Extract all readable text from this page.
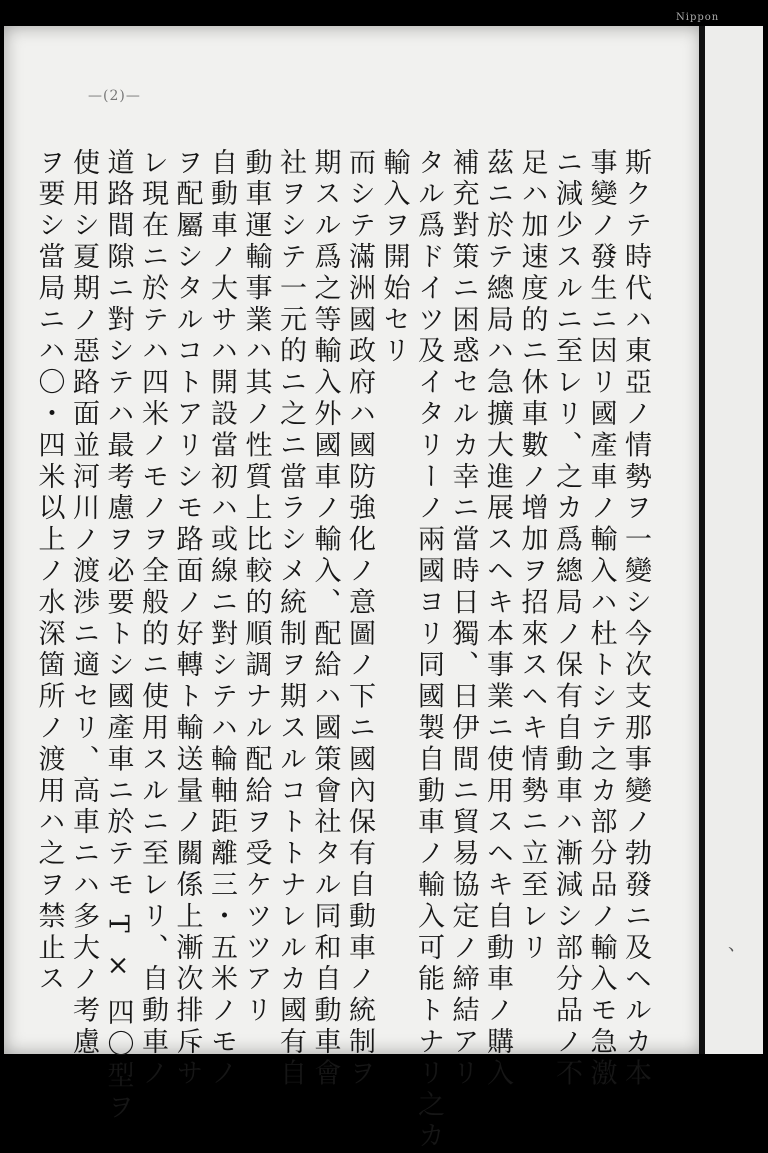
Nippon
—(2)—
、
斯クテ時代ハ東亞ノ情勢ヲ一變シ今次支那事變ノ勃發ニ及ヘルカ本
事變ノ發生ニ因リ國產車ノ輸入ハ杜トシテ之カ部分品ノ輸入モ急激
ニ減少スルニ至レリ、之カ爲總局ノ保有自動車ハ漸減シ部分品ノ不
足ハ加速度的ニ休車數ノ增加ヲ招來スヘキ情勢ニ立至レリ
茲ニ於テ總局ハ急擴大進展スヘキ本事業ニ使用スヘキ自動車ノ購入
補充對策ニ困惑セルカ幸ニ當時日獨、日伊間ニ貿易協定ノ締結アリ
タル爲ドイツ及イタリーノ兩國ヨリ同國製自動車ノ輸入可能トナリ之カ
輸入ヲ開始セリ
而シテ滿洲國政府ハ國防強化ノ意圖ノ下ニ國內保有自動車ノ統制ヲ
期スル爲之等輸入外國車ノ輸入、配給ハ國策會社タル同和自動車會
社ヲシテ一元的ニ之ニ當ラシメ統制ヲ期スルコトトナレルカ國有自
動車運輸事業ハ其ノ性質上比較的順調ナル配給ヲ受ケツツアリ
自動車ノ大サハ開設當初ハ或線ニ對シテハ輪軸距離三・五米ノモノ
ヲ配屬シタルコトアリシモ路面ノ好轉ト輸送量ノ關係上漸次排斥サ
レ現在ニ於テハ四米ノモノヲ全般的ニ使用スルニ至レリ、自動車ノ
道路間隙ニ對シテハ最考慮ヲ必要トシ國產車ニ於テモ T × 四〇型ヲ
使用シ夏期ノ惡路面並河川ノ渡渉ニ適セリ、高車ニハ多大ノ考慮
ヲ要シ當局ニハ〇・四米以上ノ水深箇所ノ渡用ハ之ヲ禁止ス
